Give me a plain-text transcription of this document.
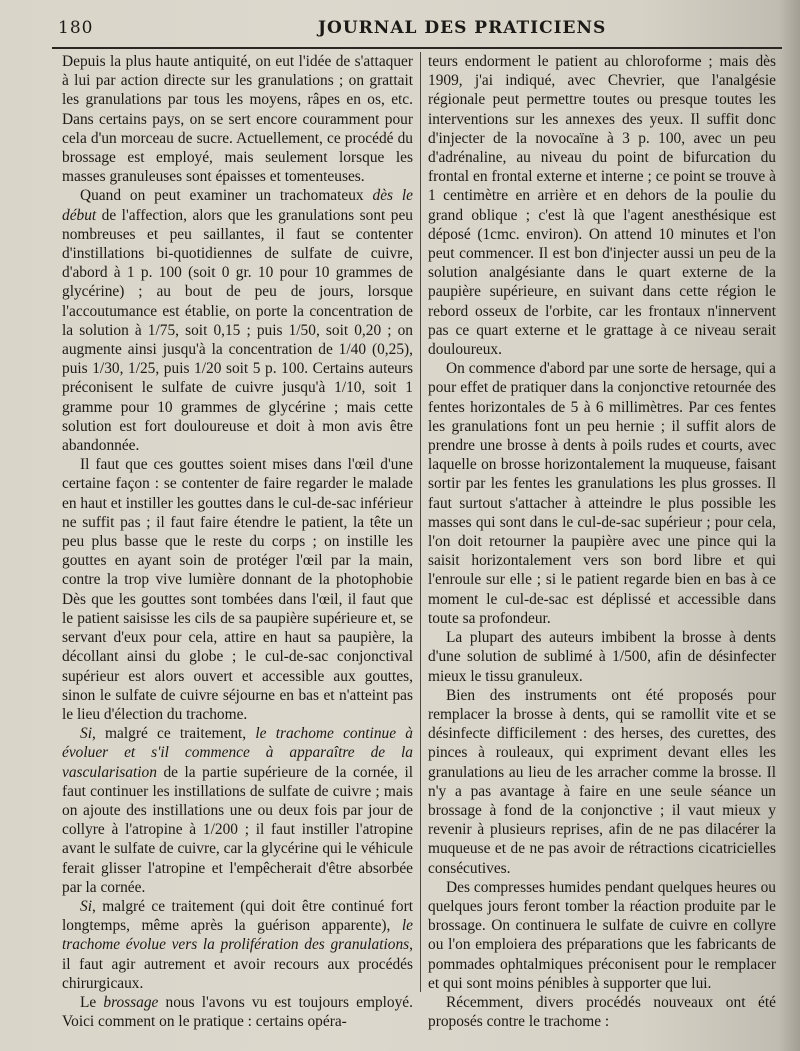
180	JOURNAL DES PRATICIENS

Depuis la plus haute antiquité, on eut l'idée de s'attaquer à lui par action directe sur les granulations ; on grattait les granulations par tous les moyens, râpes en os, etc. Dans certains pays, on se sert encore couramment pour cela d'un morceau de sucre. Actuellement, ce procédé du brossage est employé, mais seulement lorsque les masses granuleuses sont épaisses et tomenteuses.

Quand on peut examiner un trachomateux dès le début de l'affection, alors que les granulations sont peu nombreuses et peu saillantes, il faut se contenter d'instillations bi-quotidiennes de sulfate de cuivre, d'abord à 1 p. 100 (soit 0 gr. 10 pour 10 grammes de glycérine) ; au bout de peu de jours, lorsque l'accoutumance est établie, on porte la concentration de la solution à 1/75, soit 0,15 ; puis 1/50, soit 0,20 ; on augmente ainsi jusqu'à la concentration de 1/40 (0,25), puis 1/30, 1/25, puis 1/20 soit 5 p. 100. Certains auteurs préconisent le sulfate de cuivre jusqu'à 1/10, soit 1 gramme pour 10 grammes de glycérine ; mais cette solution est fort douloureuse et doit à mon avis être abandonnée.

Il faut que ces gouttes soient mises dans l'œil d'une certaine façon : se contenter de faire regarder le malade en haut et instiller les gouttes dans le cul-de-sac inférieur ne suffit pas ; il faut faire étendre le patient, la tête un peu plus basse que le reste du corps ; on instille les gouttes en ayant soin de protéger l'œil par la main, contre la trop vive lumière donnant de la photophobie Dès que les gouttes sont tombées dans l'œil, il faut que le patient saisisse les cils de sa paupière supérieure et, se servant d'eux pour cela, attire en haut sa paupière, la décollant ainsi du globe ; le cul-de-sac conjonctival supérieur est alors ouvert et accessible aux gouttes, sinon le sulfate de cuivre séjourne en bas et n'atteint pas le lieu d'élection du trachome.

Si, malgré ce traitement, le trachome continue à évoluer et s'il commence à apparaître de la vascularisation de la partie supérieure de la cornée, il faut continuer les instillations de sulfate de cuivre ; mais on ajoute des instillations une ou deux fois par jour de collyre à l'atropine à 1/200 ; il faut instiller l'atropine avant le sulfate de cuivre, car la glycérine qui le véhicule ferait glisser l'atropine et l'empêcherait d'être absorbée par la cornée.

Si, malgré ce traitement (qui doit être continué fort longtemps, même après la guérison apparente), le trachome évolue vers la prolifération des granulations, il faut agir autrement et avoir recours aux procédés chirurgicaux.

Le brossage nous l'avons vu est toujours employé. Voici comment on le pratique : certains opéra-

teurs endorment le patient au chloroforme ; mais dès 1909, j'ai indiqué, avec Chevrier, que l'analgésie régionale peut permettre toutes ou presque toutes les interventions sur les annexes des yeux. Il suffit donc d'injecter de la novocaïne à 3 p. 100, avec un peu d'adrénaline, au niveau du point de bifurcation du frontal en frontal externe et interne ; ce point se trouve à 1 centimètre en arrière et en dehors de la poulie du grand oblique ; c'est là que l'agent anesthésique est déposé (1cmc. environ). On attend 10 minutes et l'on peut commencer. Il est bon d'injecter aussi un peu de la solution analgésiante dans le quart externe de la paupière supérieure, en suivant dans cette région le rebord osseux de l'orbite, car les frontaux n'innervent pas ce quart externe et le grattage à ce niveau serait douloureux.

On commence d'abord par une sorte de hersage, qui a pour effet de pratiquer dans la conjonctive retournée des fentes horizontales de 5 à 6 millimètres. Par ces fentes les granulations font un peu hernie ; il suffit alors de prendre une brosse à dents à poils rudes et courts, avec laquelle on brosse horizontalement la muqueuse, faisant sortir par les fentes les granulations les plus grosses. Il faut surtout s'attacher à atteindre le plus possible les masses qui sont dans le cul-de-sac supérieur ; pour cela, l'on doit retourner la paupière avec une pince qui la saisit horizontalement vers son bord libre et qui l'enroule sur elle ; si le patient regarde bien en bas à ce moment le cul-de-sac est déplissé et accessible dans toute sa profondeur.

La plupart des auteurs imbibent la brosse à dents d'une solution de sublimé à 1/500, afin de désinfecter mieux le tissu granuleux.

Bien des instruments ont été proposés pour remplacer la brosse à dents, qui se ramollit vite et se désinfecte difficilement : des herses, des curettes, des pinces à rouleaux, qui expriment devant elles les granulations au lieu de les arracher comme la brosse. Il n'y a pas avantage à faire en une seule séance un brossage à fond de la conjonctive ; il vaut mieux y revenir à plusieurs reprises, afin de ne pas dilacérer la muqueuse et de ne pas avoir de rétractions cicatricielles consécutives.

Des compresses humides pendant quelques heures ou quelques jours feront tomber la réaction produite par le brossage. On continuera le sulfate de cuivre en collyre ou l'on emploiera des préparations que les fabricants de pommades ophtalmiques préconisent pour le remplacer et qui sont moins pénibles à supporter que lui.

Récemment, divers procédés nouveaux ont été proposés contre le trachome :
